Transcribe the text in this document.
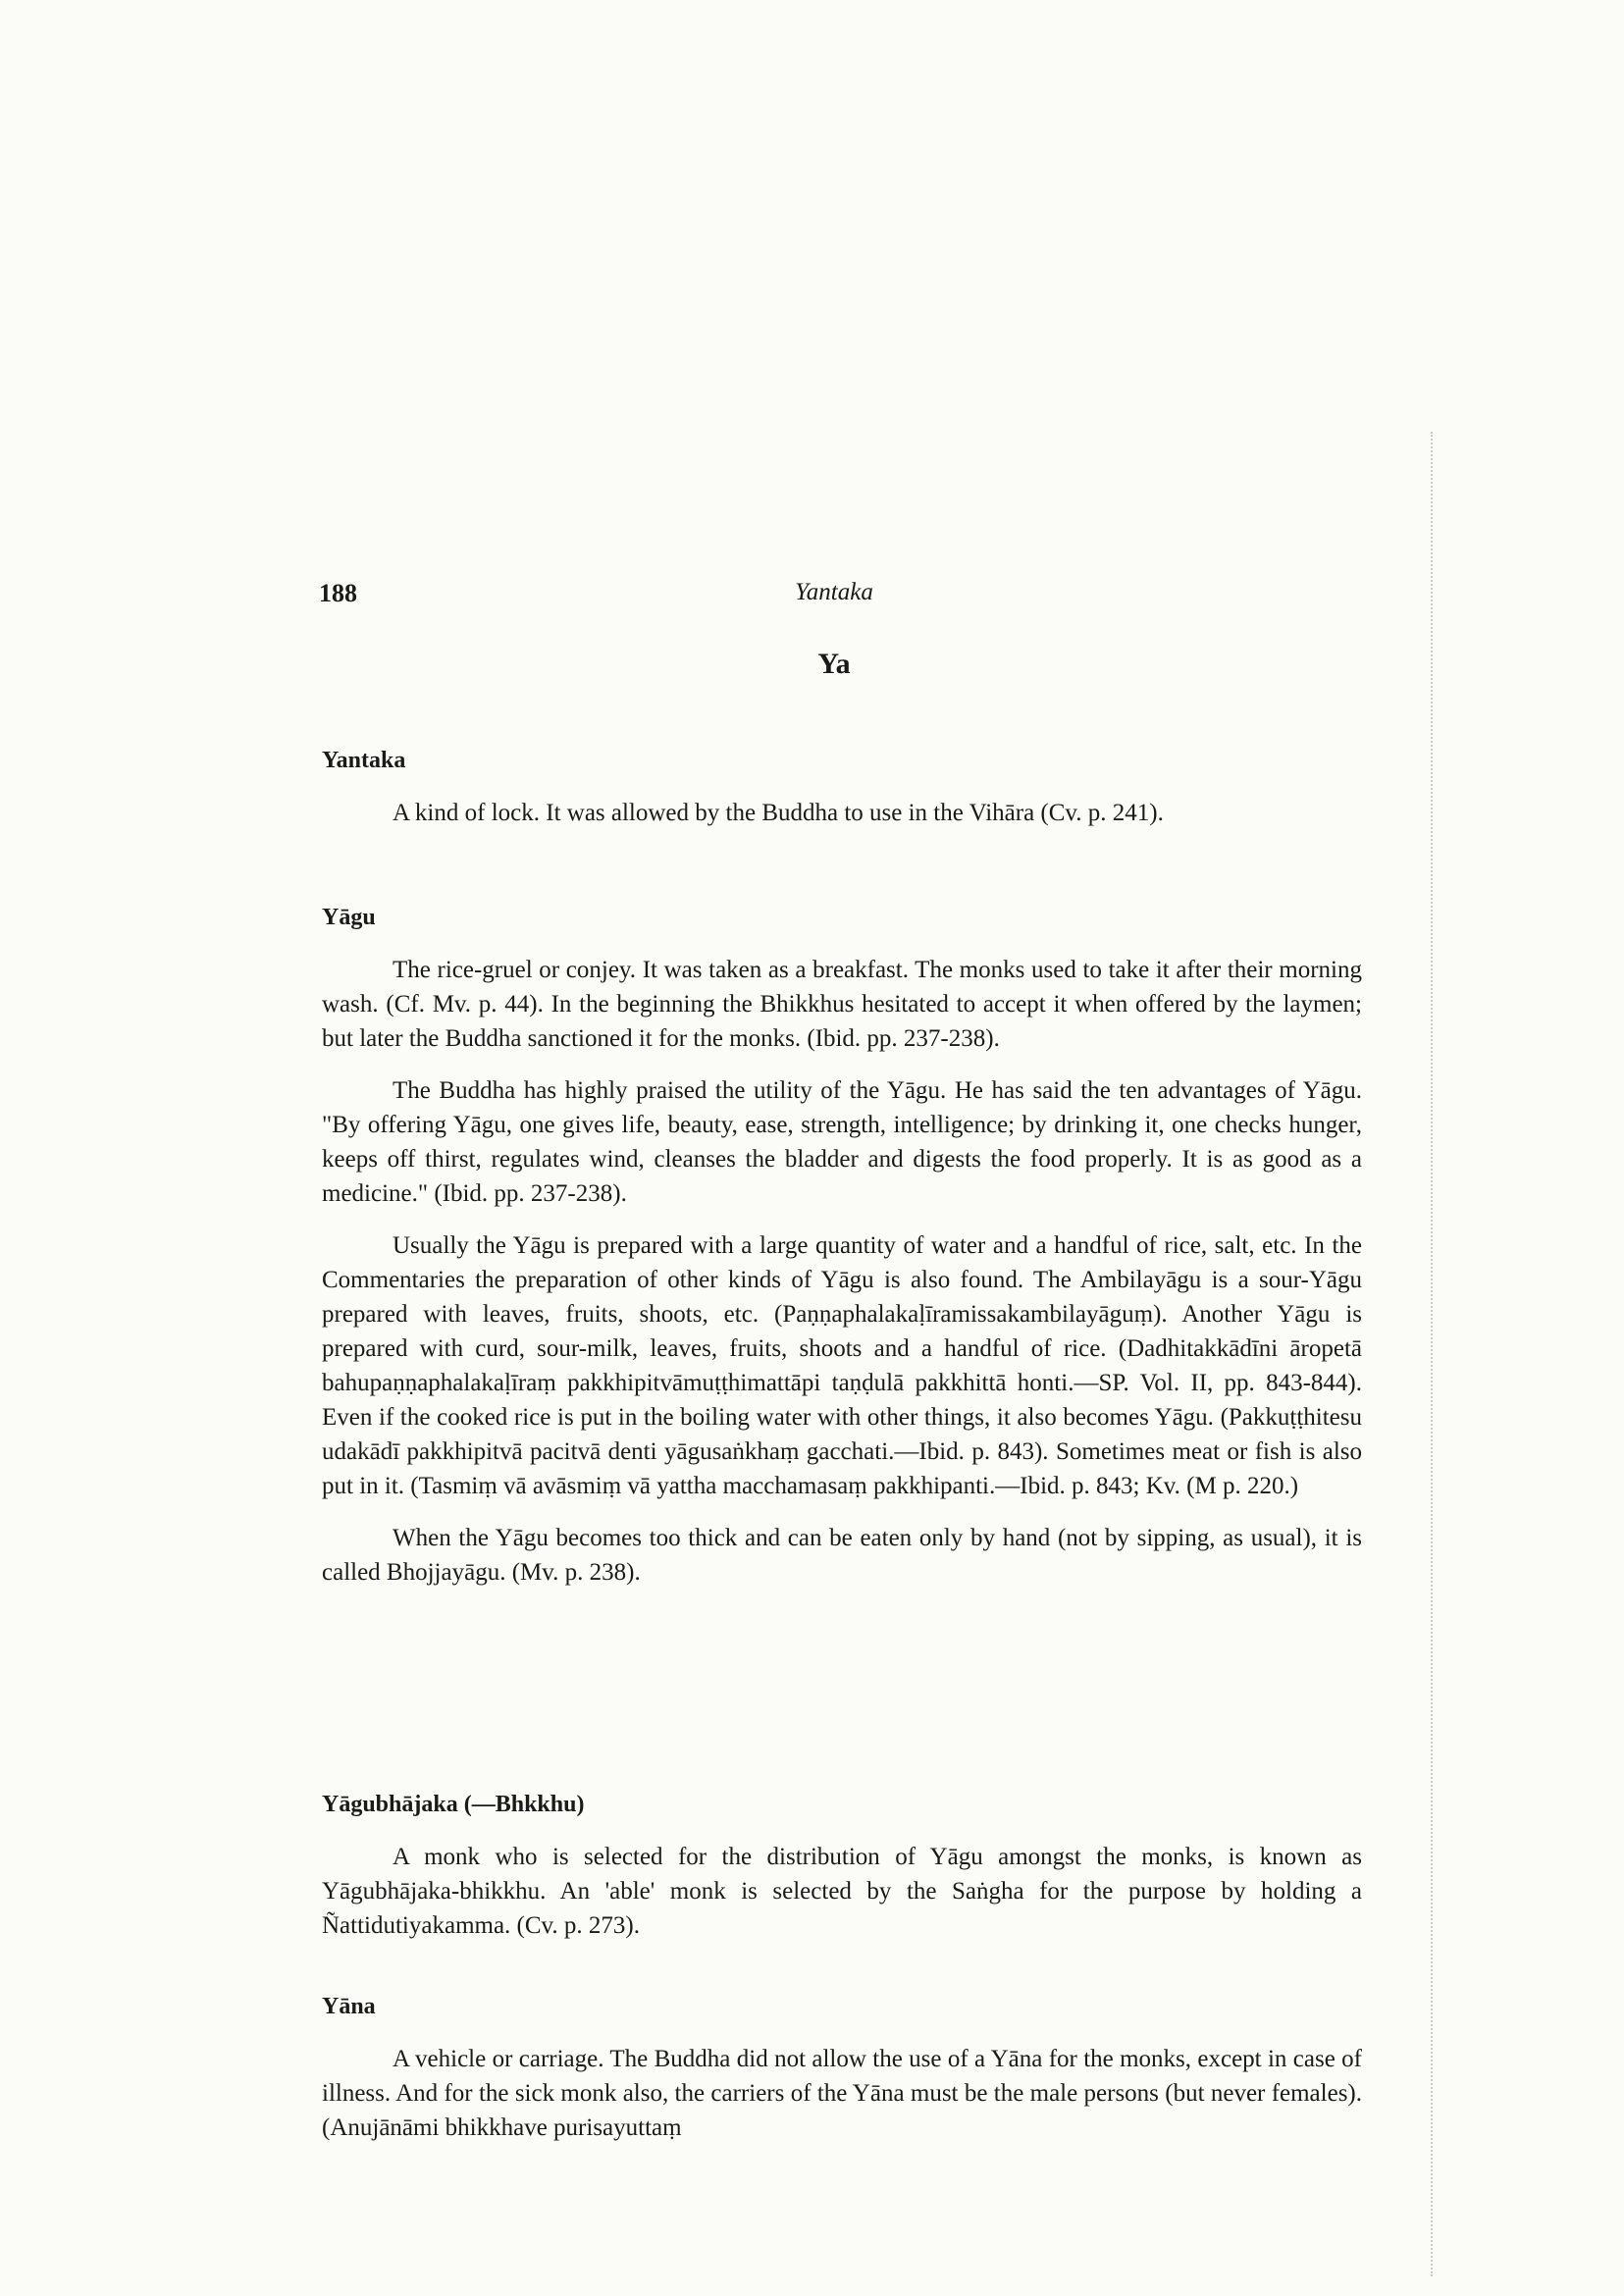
188	Yantaka
Ya
Yantaka

A kind of lock. It was allowed by the Buddha to use in the Vihāra (Cv. p. 241).

Yāgu

The rice-gruel or conjey. It was taken as a breakfast. The monks used to take it after their morning wash. (Cf. Mv. p. 44). In the beginning the Bhikkhus hesitated to accept it when offered by the laymen; but later the Buddha sanctioned it for the monks. (Ibid. pp. 237-238).

The Buddha has highly praised the utility of the Yāgu. He has said the ten advantages of Yāgu. "By offering Yāgu, one gives life, beauty, ease, strength, intelligence; by drinking it, one checks hunger, keeps off thirst, regulates wind, cleanses the bladder and digests the food properly. It is as good as a medicine." (Ibid. pp. 237-238).

Usually the Yāgu is prepared with a large quantity of water and a handful of rice, salt, etc. In the Commentaries the preparation of other kinds of Yāgu is also found. The Ambilayāgu is a sour-Yāgu prepared with leaves, fruits, shoots, etc. (Paṇṇaphalakaḷīramissakambilayāguṃ). Another Yāgu is prepared with curd, sour-milk, leaves, fruits, shoots and a handful of rice. (Dadhitakkādīni āropetā bahupaṇṇaphalakaḷīraṃ pakkhipitvāmuṭṭhimattāpi taṇḍulā pakkhittā honti.—SP. Vol. II, pp. 843-844). Even if the cooked rice is put in the boiling water with other things, it also becomes Yāgu. (Pakkuṭṭhitesu udakādī pakkhipitvā pacitvā denti yāgusaṅkhaṃ gacchati.—Ibid. p. 843). Sometimes meat or fish is also put in it. (Tasmiṃ vā avāsmiṃ vā yattha macchamasaṃ pakkhipanti.—Ibid. p. 843; Kv. (M p. 220.)

When the Yāgu becomes too thick and can be eaten only by hand (not by sipping, as usual), it is called Bhojjayāgu. (Mv. p. 238).

Yāgubhājaka (—Bhkkhu)

A monk who is selected for the distribution of Yāgu amongst the monks, is known as Yāgubhājaka-bhikkhu. An 'able' monk is selected by the Saṅgha for the purpose by holding a Ñattidutiyakamma. (Cv. p. 273).

Yāna

A vehicle or carriage. The Buddha did not allow the use of a Yāna for the monks, except in case of illness. And for the sick monk also, the carriers of the Yāna must be the male persons (but never females). (Anujānāmi bhikkhave purisayuttaṃ
